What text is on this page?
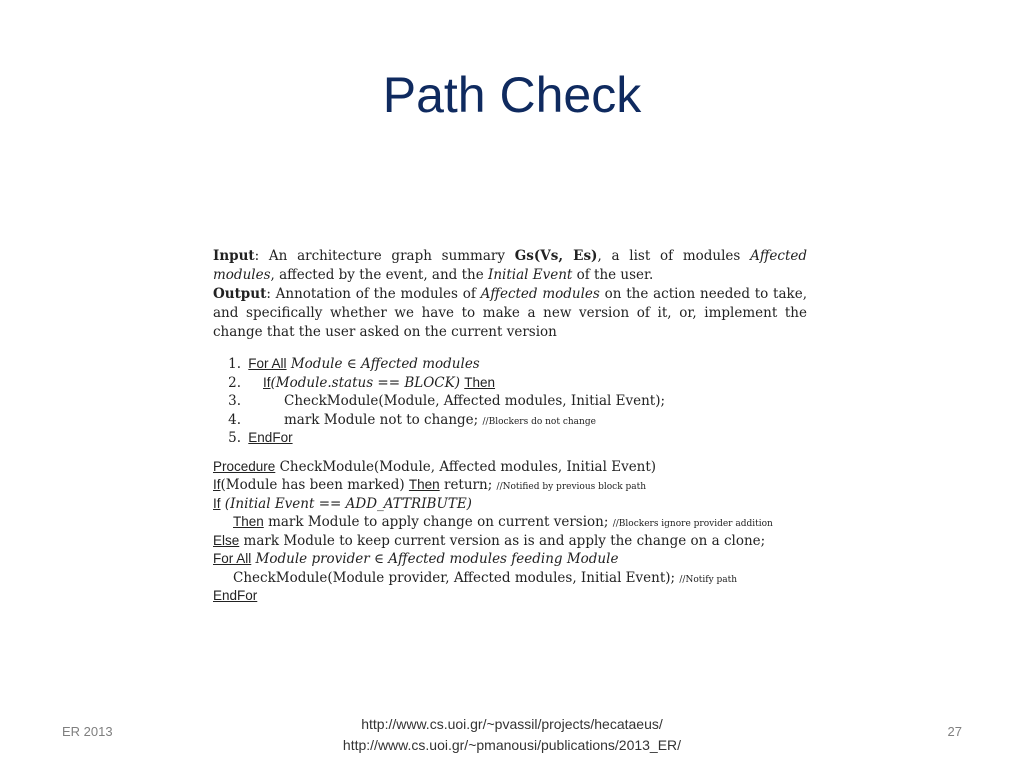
Path Check
Input: An architecture graph summary Gs(Vs, Es), a list of modules Affected modules, affected by the event, and the Initial Event of the user.
Output: Annotation of the modules of Affected modules on the action needed to take, and specifically whether we have to make a new version of it, or, implement the change that the user asked on the current version
1. For All Module ∈ Affected modules
2. If(Module.status == BLOCK) Then
3.	CheckModule(Module, Affected modules, Initial Event);
4.	mark Module not to change; //Blockers do not change
5. EndFor
Procedure CheckModule(Module, Affected modules, Initial Event)
If(Module has been marked) Then return; //Notified by previous block path
If (Initial Event == ADD_ATTRIBUTE)
Then mark Module to apply change on current version; //Blockers ignore provider addition
Else mark Module to keep current version as is and apply the change on a clone;
For All Module provider ∈ Affected modules feeding Module
CheckModule(Module provider, Affected modules, Initial Event); //Notify path
EndFor
ER 2013	http://www.cs.uoi.gr/~pvassil/projects/hecataeus/
http://www.cs.uoi.gr/~pmanousi/publications/2013_ER/
27
